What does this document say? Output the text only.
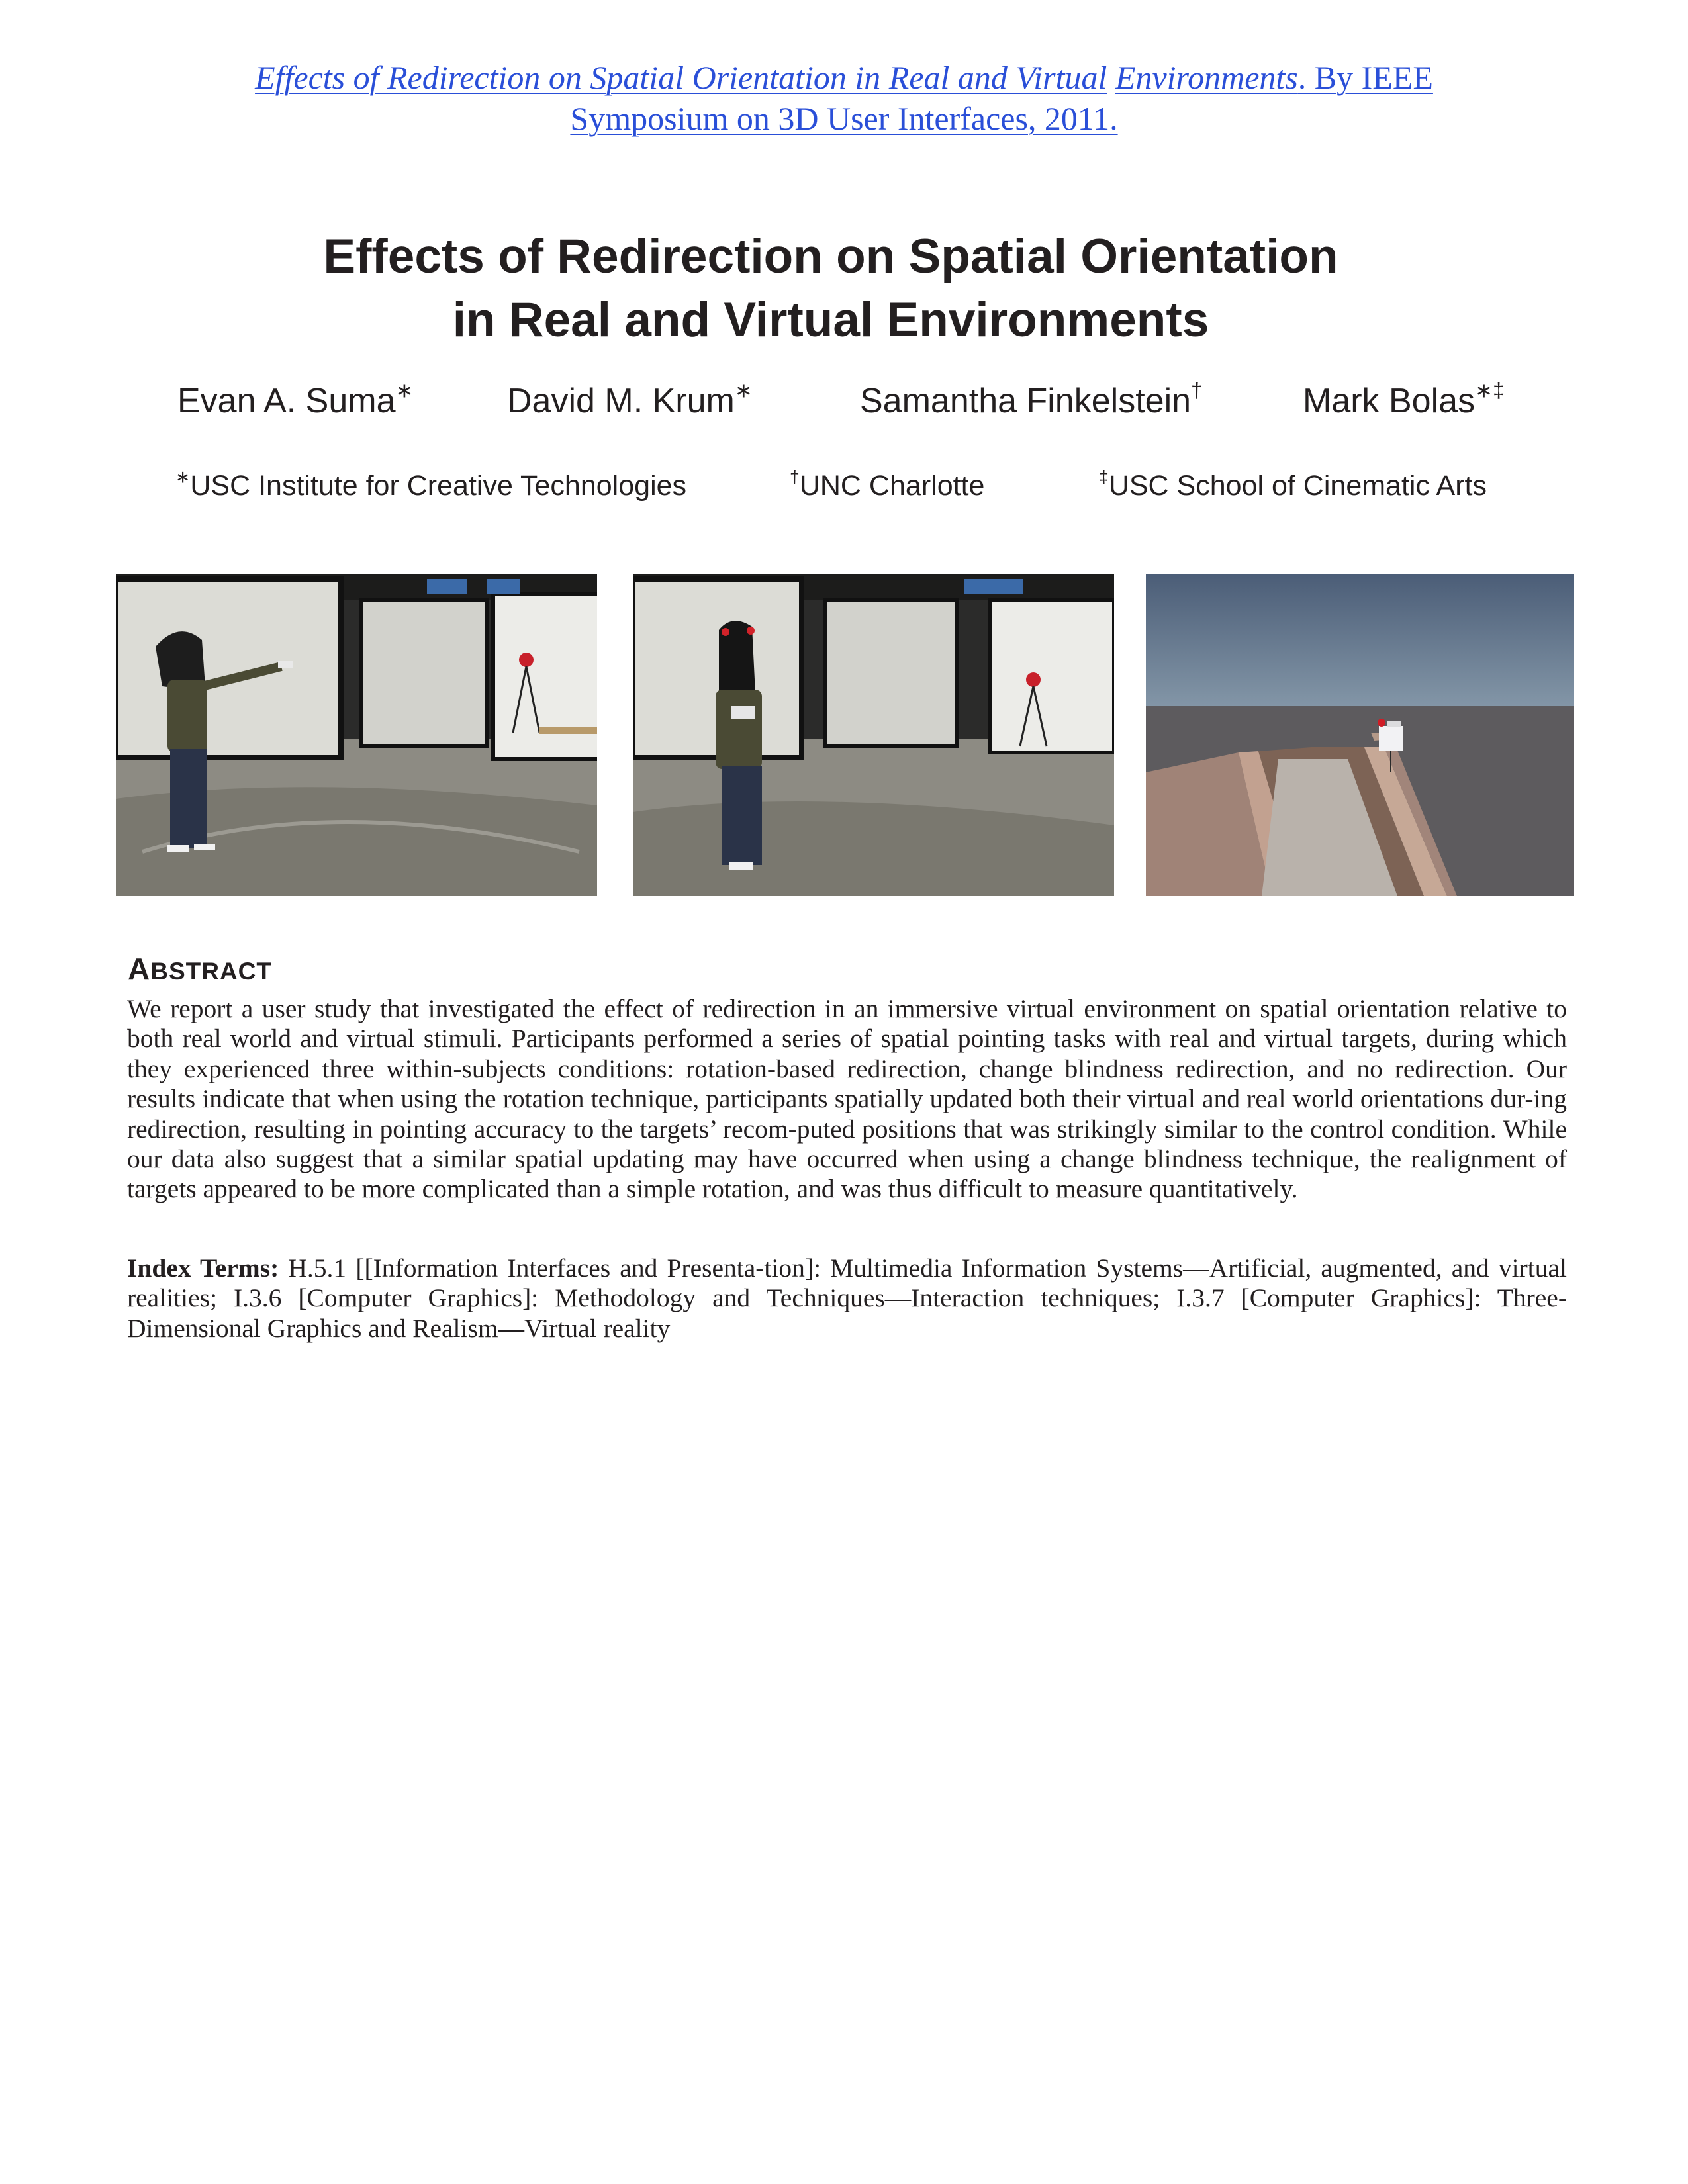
Effects of Redirection on Spatial Orientation in Real and Virtual Environments. By IEEE
Symposium on 3D User Interfaces, 2011.
Effects of Redirection on Spatial Orientation
in Real and Virtual Environments
Evan A. Suma∗	David M. Krum∗	Samantha Finkelstein†	Mark Bolas∗‡
∗USC Institute for Creative Technologies	†UNC Charlotte	‡USC School of Cinematic Arts
ABSTRACT
We report a user study that investigated the effect of redirection in an immersive virtual environment on spatial orientation relative to both real world and virtual stimuli. Participants performed a series of spatial pointing tasks with real and virtual targets, during which they experienced three within-subjects conditions: rotation-based redirection, change blindness redirection, and no redirection. Our results indicate that when using the rotation technique, participants spatially updated both their virtual and real world orientations dur-ing redirection, resulting in pointing accuracy to the targets’ recom-puted positions that was strikingly similar to the control condition. While our data also suggest that a similar spatial updating may have occurred when using a change blindness technique, the realignment of targets appeared to be more complicated than a simple rotation, and was thus difficult to measure quantitatively.
Index Terms: H.5.1 [[Information Interfaces and Presenta-tion]: Multimedia Information Systems—Artificial, augmented, and virtual realities; I.3.6 [Computer Graphics]: Methodology and Techniques—Interaction techniques; I.3.7 [Computer Graphics]: Three-Dimensional Graphics and Realism—Virtual reality
